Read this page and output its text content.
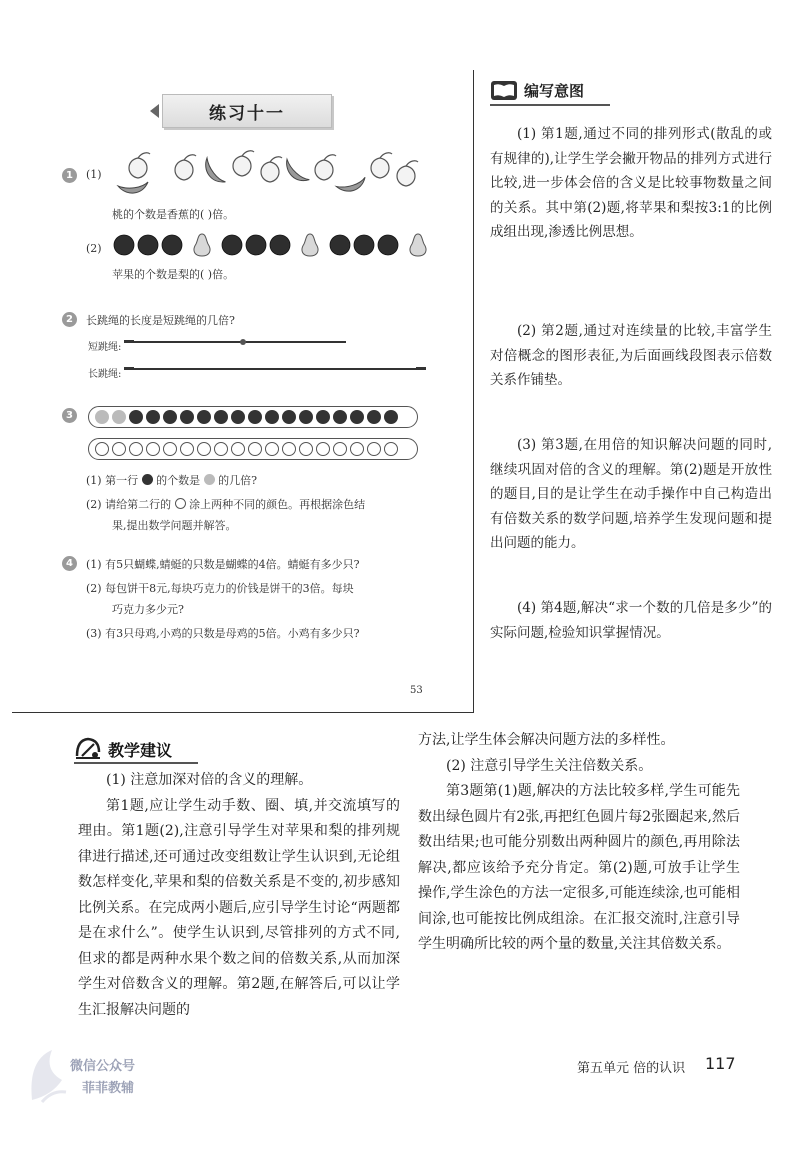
练习十一
1	(1)
桃的个数是香蕉的( )倍。
(2)
苹果的个数是梨的( )倍。
2	长跳绳的长度是短跳绳的几倍?
短跳绳:
长跳绳:
3
(1) 第一行 的个数是 的几倍?
(2) 请给第二行的 涂上两种不同的颜色。再根据涂色结
果,提出数学问题并解答。
4	(1) 有5只蝴蝶,蜻蜓的只数是蝴蝶的4倍。蜻蜓有多少只?
(2) 每包饼干8元,每块巧克力的价钱是饼干的3倍。每块
巧克力多少元?
(3) 有3只母鸡,小鸡的只数是母鸡的5倍。小鸡有多少只?
53
编写意图
(1) 第1题,通过不同的排列形式(散乱的或有规律的),让学生学会撇开物品的排列方式进行比较,进一步体会倍的含义是比较事物数量之间的关系。其中第(2)题,将苹果和梨按3:1的比例成组出现,渗透比例思想。
(2) 第2题,通过对连续量的比较,丰富学生对倍概念的图形表征,为后面画线段图表示倍数关系作铺垫。
(3) 第3题,在用倍的知识解决问题的同时,继续巩固对倍的含义的理解。第(2)题是开放性的题目,目的是让学生在动手操作中自己构造出有倍数关系的数学问题,培养学生发现问题和提出问题的能力。
(4) 第4题,解决“求一个数的几倍是多少”的实际问题,检验知识掌握情况。
教学建议

(1) 注意加深对倍的含义的理解。

第1题,应让学生动手数、圈、填,并交流填写的理由。第1题(2),注意引导学生对苹果和梨的排列规律进行描述,还可通过改变组数让学生认识到,无论组数怎样变化,苹果和梨的倍数关系是不变的,初步感知比例关系。在完成两小题后,应引导学生讨论“两题都是在求什么”。使学生认识到,尽管排列的方式不同,但求的都是两种水果个数之间的倍数关系,从而加深学生对倍数含义的理解。第2题,在解答后,可以让学生汇报解决问题的

方法,让学生体会解决问题方法的多样性。

(2) 注意引导学生关注倍数关系。

第3题第(1)题,解决的方法比较多样,学生可能先数出绿色圆片有2张,再把红色圆片每2张圈起来,然后数出结果;也可能分别数出两种圆片的颜色,再用除法解决,都应该给予充分肯定。第(2)题,可放手让学生操作,学生涂色的方法一定很多,可能连续涂,也可能相间涂,也可能按比例成组涂。在汇报交流时,注意引导学生明确所比较的两个量的数量,关注其倍数关系。

第五单元 倍的认识 117
微信公众号
菲菲教辅
